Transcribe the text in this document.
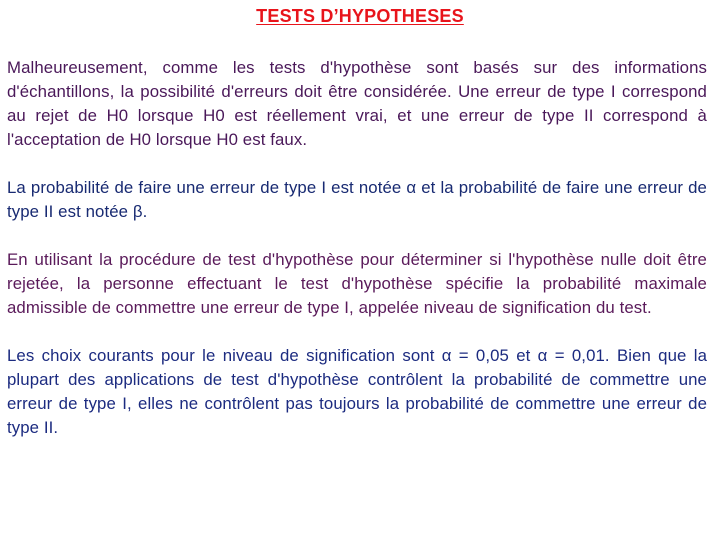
TESTS D’HYPOTHESES

Malheureusement, comme les tests d'hypothèse sont basés sur des informations d'échantillons, la possibilité d'erreurs doit être considérée. Une erreur de type I correspond au rejet de H0 lorsque H0 est réellement vrai, et une erreur de type II correspond à l'acceptation de H0 lorsque H0 est faux.

La probabilité de faire une erreur de type I est notée α et la probabilité de faire une erreur de type II est notée β.

En utilisant la procédure de test d'hypothèse pour déterminer si l'hypothèse nulle doit être rejetée, la personne effectuant le test d'hypothèse spécifie la probabilité maximale admissible de commettre une erreur de type I, appelée niveau de signification du test.

Les choix courants pour le niveau de signification sont α = 0,05 et α = 0,01. Bien que la plupart des applications de test d'hypothèse contrôlent la probabilité de commettre une erreur de type I, elles ne contrôlent pas toujours la probabilité de commettre une erreur de type II.
